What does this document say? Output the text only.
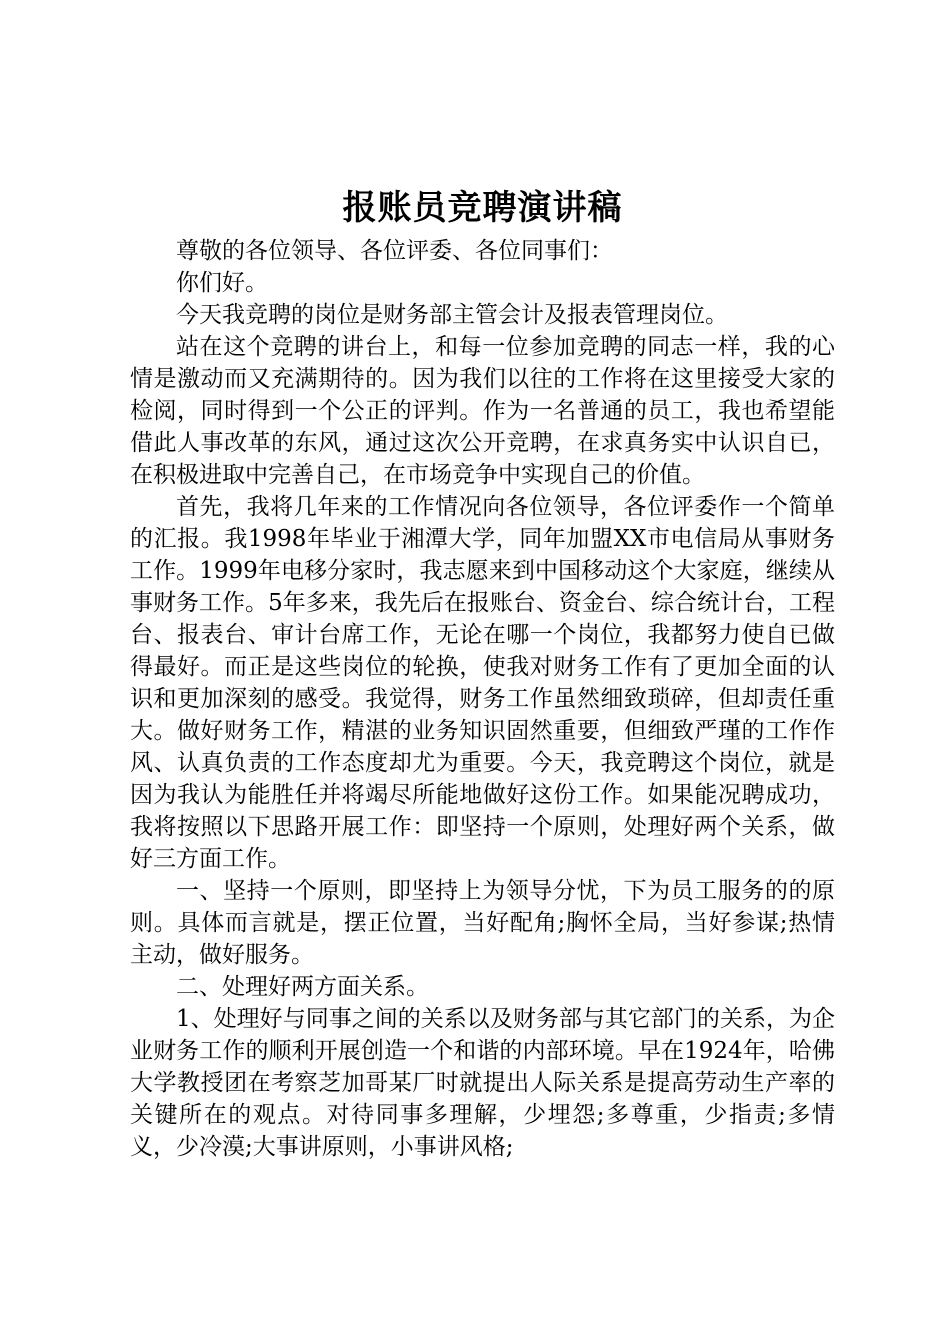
报账员竞聘演讲稿

尊敬的各位领导、各位评委、各位同事们：

你们好。

今天我竞聘的岗位是财务部主管会计及报表管理岗位。

站在这个竞聘的讲台上，和每一位参加竞聘的同志一样，我的心情是激动而又充满期待的。因为我们以往的工作将在这里接受大家的检阅，同时得到一个公正的评判。作为一名普通的员工，我也希望能借此人事改革的东风，通过这次公开竞聘，在求真务实中认识自已，在积极进取中完善自己，在市场竞争中实现自己的价值。

首先，我将几年来的工作情况向各位领导，各位评委作一个简单的汇报。我1998年毕业于湘潭大学，同年加盟XX市电信局从事财务工作。1999年电移分家时，我志愿来到中国移动这个大家庭，继续从事财务工作。5年多来，我先后在报账台、资金台、综合统计台，工程台、报表台、审计台席工作，无论在哪一个岗位，我都努力使自已做得最好。而正是这些岗位的轮换，使我对财务工作有了更加全面的认识和更加深刻的感受。我觉得，财务工作虽然细致琐碎，但却责任重大。做好财务工作，精湛的业务知识固然重要，但细致严瑾的工作作风、认真负责的工作态度却尤为重要。今天，我竞聘这个岗位，就是因为我认为能胜任并将竭尽所能地做好这份工作。如果能况聘成功，我将按照以下思路开展工作：即坚持一个原则，处理好两个关系，做好三方面工作。

一、坚持一个原则，即坚持上为领导分忧，下为员工服务的的原则。具体而言就是，摆正位置，当好配角;胸怀全局，当好参谋;热情主动，做好服务。

二、处理好两方面关系。

1、处理好与同事之间的关系以及财务部与其它部门的关系，为企业财务工作的顺利开展创造一个和谐的内部环境。早在1924年，哈佛大学教授团在考察芝加哥某厂时就提出人际关系是提高劳动生产率的关键所在的观点。对待同事多理解，少埋怨;多尊重，少指责;多情义，少冷漠;大事讲原则，小事讲风格;
